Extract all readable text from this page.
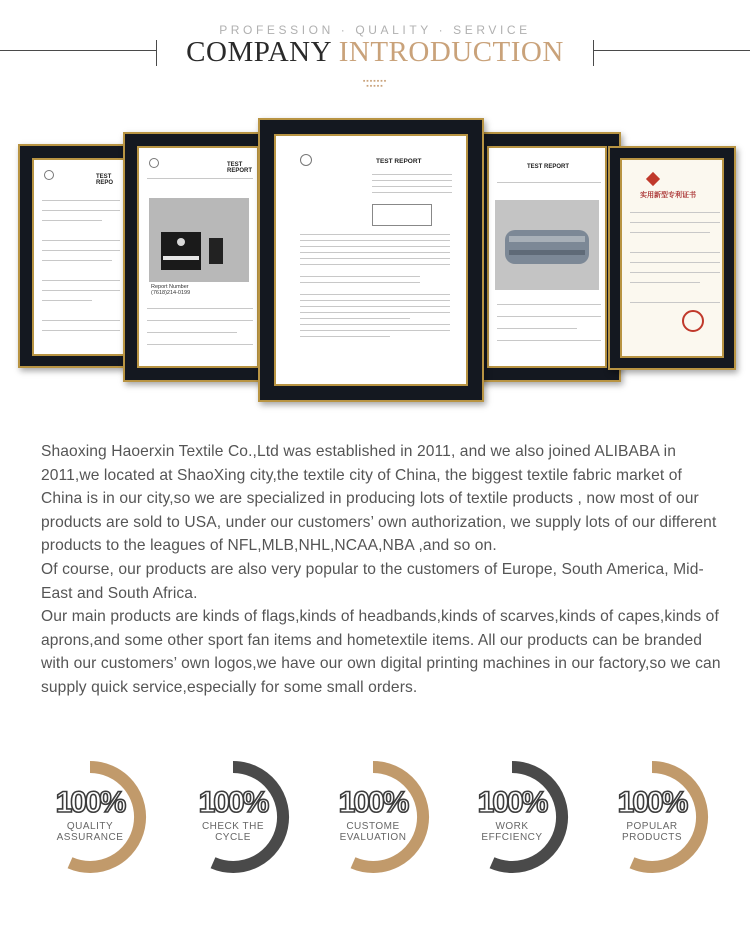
PROFESSION · QUALITY · SERVICE
COMPANY INTRODUCTION
▪▪▪▪▪▪▪
▪▪▪▪▪
TEST REPO
TEST REPORT
Report Number
(7618)214-0199
TEST REPORT
实用新型专利证书
TEST REPORT

Shaoxing Haoerxin Textile Co.,Ltd was established in 2011, and we also joined ALIBABA in 2011,we located at ShaoXing city,the textile city of China, the biggest textile fabric market of China is in our city,so we are specialized in producing lots of textile products , now most of our products are sold to USA, under our customers’ own authorization, we supply lots of our different products to the leagues of NFL,MLB,NHL,NCAA,NBA ,and so on.

Of course, our products are also very popular to the customers of Europe, South America, Mid-East and South Africa.

Our main products are kinds of flags,kinds of headbands,kinds of scarves,kinds of capes,kinds of aprons,and some other sport fan items and hometextile items. All our products can be branded with our customers’ own logos,we have our own digital printing machines in our factory,so we can supply quick service,especially for some small orders.

100%
QUALITY
ASSURANCE
100%
CHECK THE
CYCLE
100%
CUSTOME
EVALUATION
100%
WORK
EFFCIENCY
100%
POPULAR
PRODUCTS
